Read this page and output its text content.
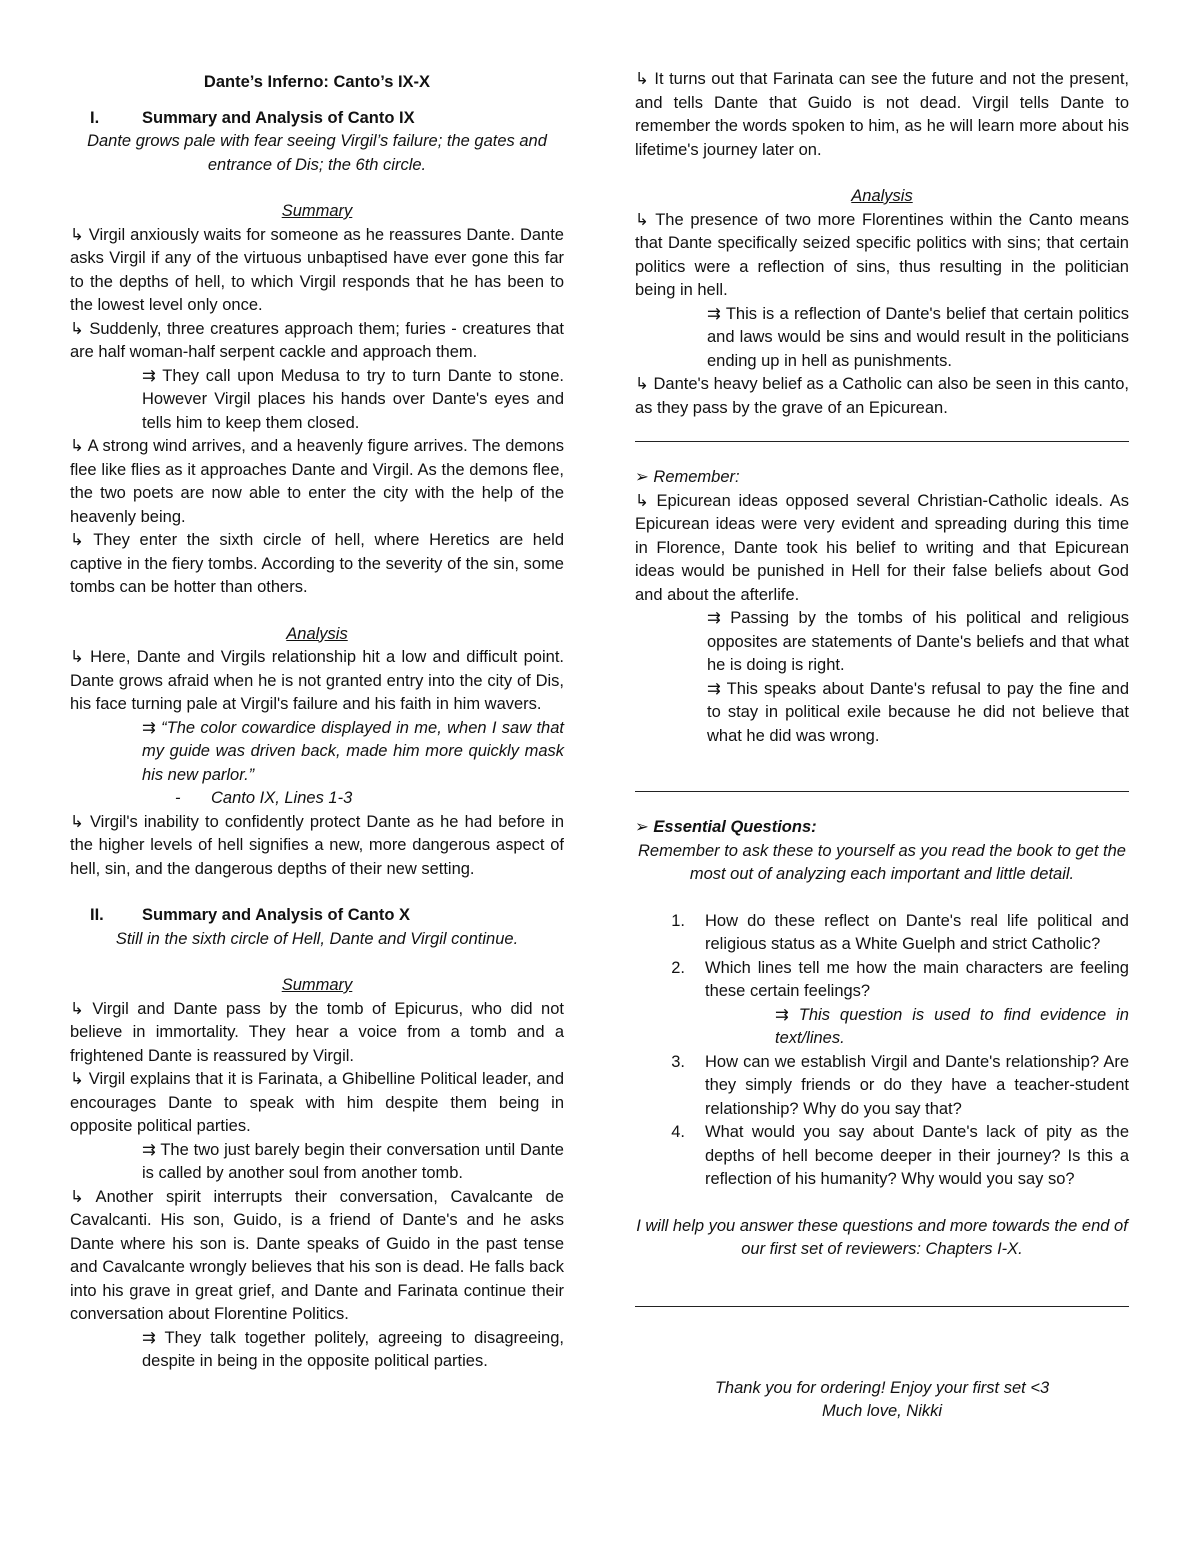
Dante’s Inferno: Canto’s IX-X

I.	Summary and Analysis of Canto IX

Dante grows pale with fear seeing Virgil’s failure; the gates and entrance of Dis; the 6th circle.

Summary

↳ Virgil anxiously waits for someone as he reassures Dante. Dante asks Virgil if any of the virtuous unbaptised have ever gone this far to the depths of hell, to which Virgil responds that he has been to the lowest level only once.

↳ Suddenly, three creatures approach them; furies - creatures that are half woman-half serpent cackle and approach them.

⇉ They call upon Medusa to try to turn Dante to stone. However Virgil places his hands over Dante's eyes and tells him to keep them closed.

↳ A strong wind arrives, and a heavenly figure arrives. The demons flee like flies as it approaches Dante and Virgil. As the demons flee, the two poets are now able to enter the city with the help of the heavenly being.

↳ They enter the sixth circle of hell, where Heretics are held captive in the fiery tombs. According to the severity of the sin, some tombs can be hotter than others.

Analysis

↳ Here, Dante and Virgils relationship hit a low and difficult point. Dante grows afraid when he is not granted entry into the city of Dis, his face turning pale at Virgil's failure and his faith in him wavers.

⇉ “The color cowardice displayed in me, when I saw that my guide was driven back, made him more quickly mask his new parlor.”

- Canto IX, Lines 1-3

↳ Virgil's inability to confidently protect Dante as he had before in the higher levels of hell signifies a new, more dangerous aspect of hell, sin, and the dangerous depths of their new setting.

II.	Summary and Analysis of Canto X

Still in the sixth circle of Hell, Dante and Virgil continue.

Summary

↳ Virgil and Dante pass by the tomb of Epicurus, who did not believe in immortality. They hear a voice from a tomb and a frightened Dante is reassured by Virgil.

↳ Virgil explains that it is Farinata, a Ghibelline Political leader, and encourages Dante to speak with him despite them being in opposite political parties.

⇉ The two just barely begin their conversation until Dante is called by another soul from another tomb.

↳ Another spirit interrupts their conversation, Cavalcante de Cavalcanti. His son, Guido, is a friend of Dante's and he asks Dante where his son is. Dante speaks of Guido in the past tense and Cavalcante wrongly believes that his son is dead. He falls back into his grave in great grief, and Dante and Farinata continue their conversation about Florentine Politics.

⇉ They talk together politely, agreeing to disagreeing, despite in being in the opposite political parties.

↳ It turns out that Farinata can see the future and not the present, and tells Dante that Guido is not dead. Virgil tells Dante to remember the words spoken to him, as he will learn more about his lifetime's journey later on.

Analysis

↳ The presence of two more Florentines within the Canto means that Dante specifically seized specific politics with sins; that certain politics were a reflection of sins, thus resulting in the politician being in hell.

⇉ This is a reflection of Dante's belief that certain politics and laws would be sins and would result in the politicians ending up in hell as punishments.

↳ Dante's heavy belief as a Catholic can also be seen in this canto, as they pass by the grave of an Epicurean.

➢ Remember:

↳ Epicurean ideas opposed several Christian-Catholic ideals. As Epicurean ideas were very evident and spreading during this time in Florence, Dante took his belief to writing and that Epicurean ideas would be punished in Hell for their false beliefs about God and about the afterlife.

⇉ Passing by the tombs of his political and religious opposites are statements of Dante's beliefs and that what he is doing is right.

⇉ This speaks about Dante's refusal to pay the fine and to stay in political exile because he did not believe that what he did was wrong.

➢ Essential Questions:

Remember to ask these to yourself as you read the book to get the most out of analyzing each important and little detail.

1.	How do these reflect on Dante's real life political and religious status as a White Guelph and strict Catholic?
2.	Which lines tell me how the main characters are feeling these certain feelings?

⇉ This question is used to find evidence in text/lines.

3.	How can we establish Virgil and Dante's relationship? Are they simply friends or do they have a teacher-student relationship? Why do you say that?
4.	What would you say about Dante's lack of pity as the depths of hell become deeper in their journey? Is this a reflection of his humanity? Why would you say so?

I will help you answer these questions and more towards the end of our first set of reviewers: Chapters I-X.

Thank you for ordering! Enjoy your first set <3

Much love, Nikki
